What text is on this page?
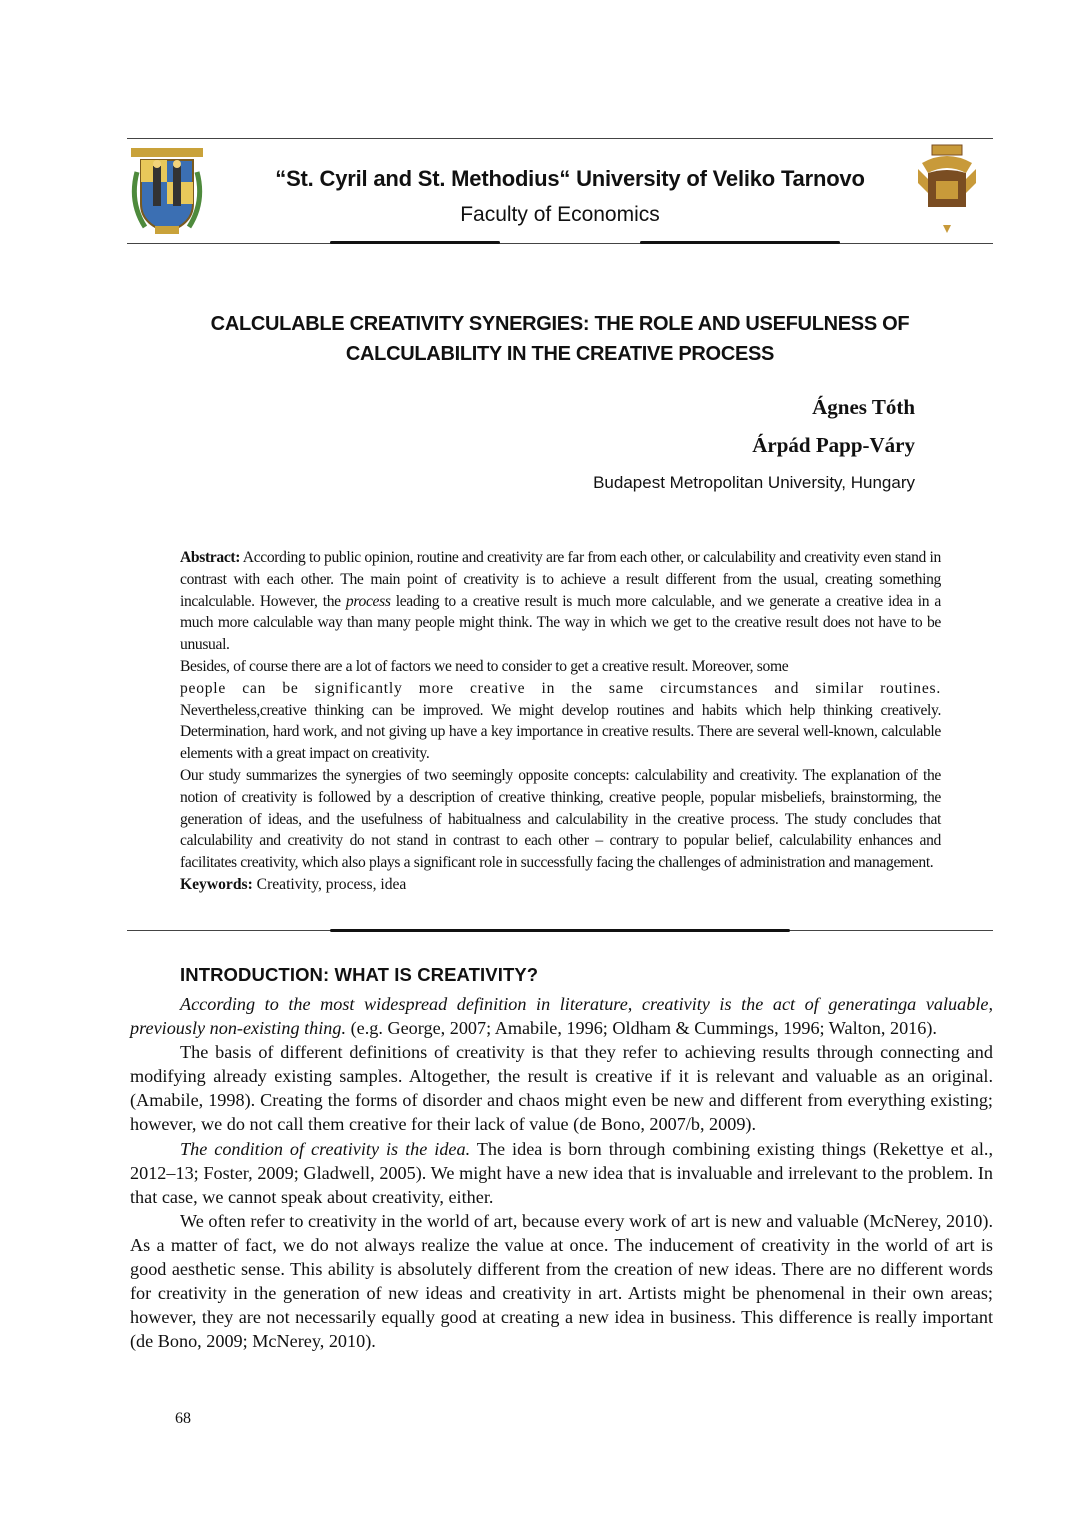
“St. Cyril and St. Methodius“ University of Veliko Tarnovo
Faculty of Economics
CALCULABLE CREATIVITY SYNERGIES: THE ROLE AND USEFULNESS OF
CALCULABILITY IN THE CREATIVE PROCESS
Ágnes Tóth
Árpád Papp-Váry
Budapest Metropolitan University, Hungary

Abstract: According to public opinion, routine and creativity are far from each other, or calculability and creativity even stand in contrast with each other. The main point of creativity is to achieve a result different from the usual, creating something incalculable. However, the process leading to a creative result is much more calculable, and we generate a creative idea in a much more calculable way than many people might think. The way in which we get to the creative result does not have to be unusual.

Besides, of course there are a lot of factors we need to consider to get a creative result. Moreover, some
people can be significantly more creative in the same circumstances and similar routines.
Nevertheless,creative thinking can be improved. We might develop routines and habits which help thinking creatively. Determination, hard work, and not giving up have a key importance in creative results. There are several well-known, calculable elements with a great impact on creativity.

Our study summarizes the synergies of two seemingly opposite concepts: calculability and creativity. The explanation of the notion of creativity is followed by a description of creative thinking, creative people, popular misbeliefs, brainstorming, the generation of ideas, and the usefulness of habitualness and calculability in the creative process. The study concludes that calculability and creativity do not stand in contrast to each other – contrary to popular belief, calculability enhances and facilitates creativity, which also plays a significant role in successfully facing the challenges of administration and management.

Keywords: Creativity, process, idea

INTRODUCTION: WHAT IS CREATIVITY?

According to the most widespread definition in literature, creativity is the act of generatinga valuable, previously non-existing thing. (e.g. George, 2007; Amabile, 1996; Oldham & Cummings, 1996; Walton, 2016).

The basis of different definitions of creativity is that they refer to achieving results through connecting and modifying already existing samples. Altogether, the result is creative if it is relevant and valuable as an original. (Amabile, 1998). Creating the forms of disorder and chaos might even be new and different from everything existing; however, we do not call them creative for their lack of value (de Bono, 2007/b, 2009).

The condition of creativity is the idea. The idea is born through combining existing things (Rekettye et al., 2012–13; Foster, 2009; Gladwell, 2005). We might have a new idea that is invaluable and irrelevant to the problem. In that case, we cannot speak about creativity, either.

We often refer to creativity in the world of art, because every work of art is new and valuable (McNerey, 2010). As a matter of fact, we do not always realize the value at once. The inducement of creativity in the world of art is good aesthetic sense. This ability is absolutely different from the creation of new ideas. There are no different words for creativity in the generation of new ideas and creativity in art. Artists might be phenomenal in their own areas; however, they are not necessarily equally good at creating a new idea in business. This difference is really important (de Bono, 2009; McNerey, 2010).

68
